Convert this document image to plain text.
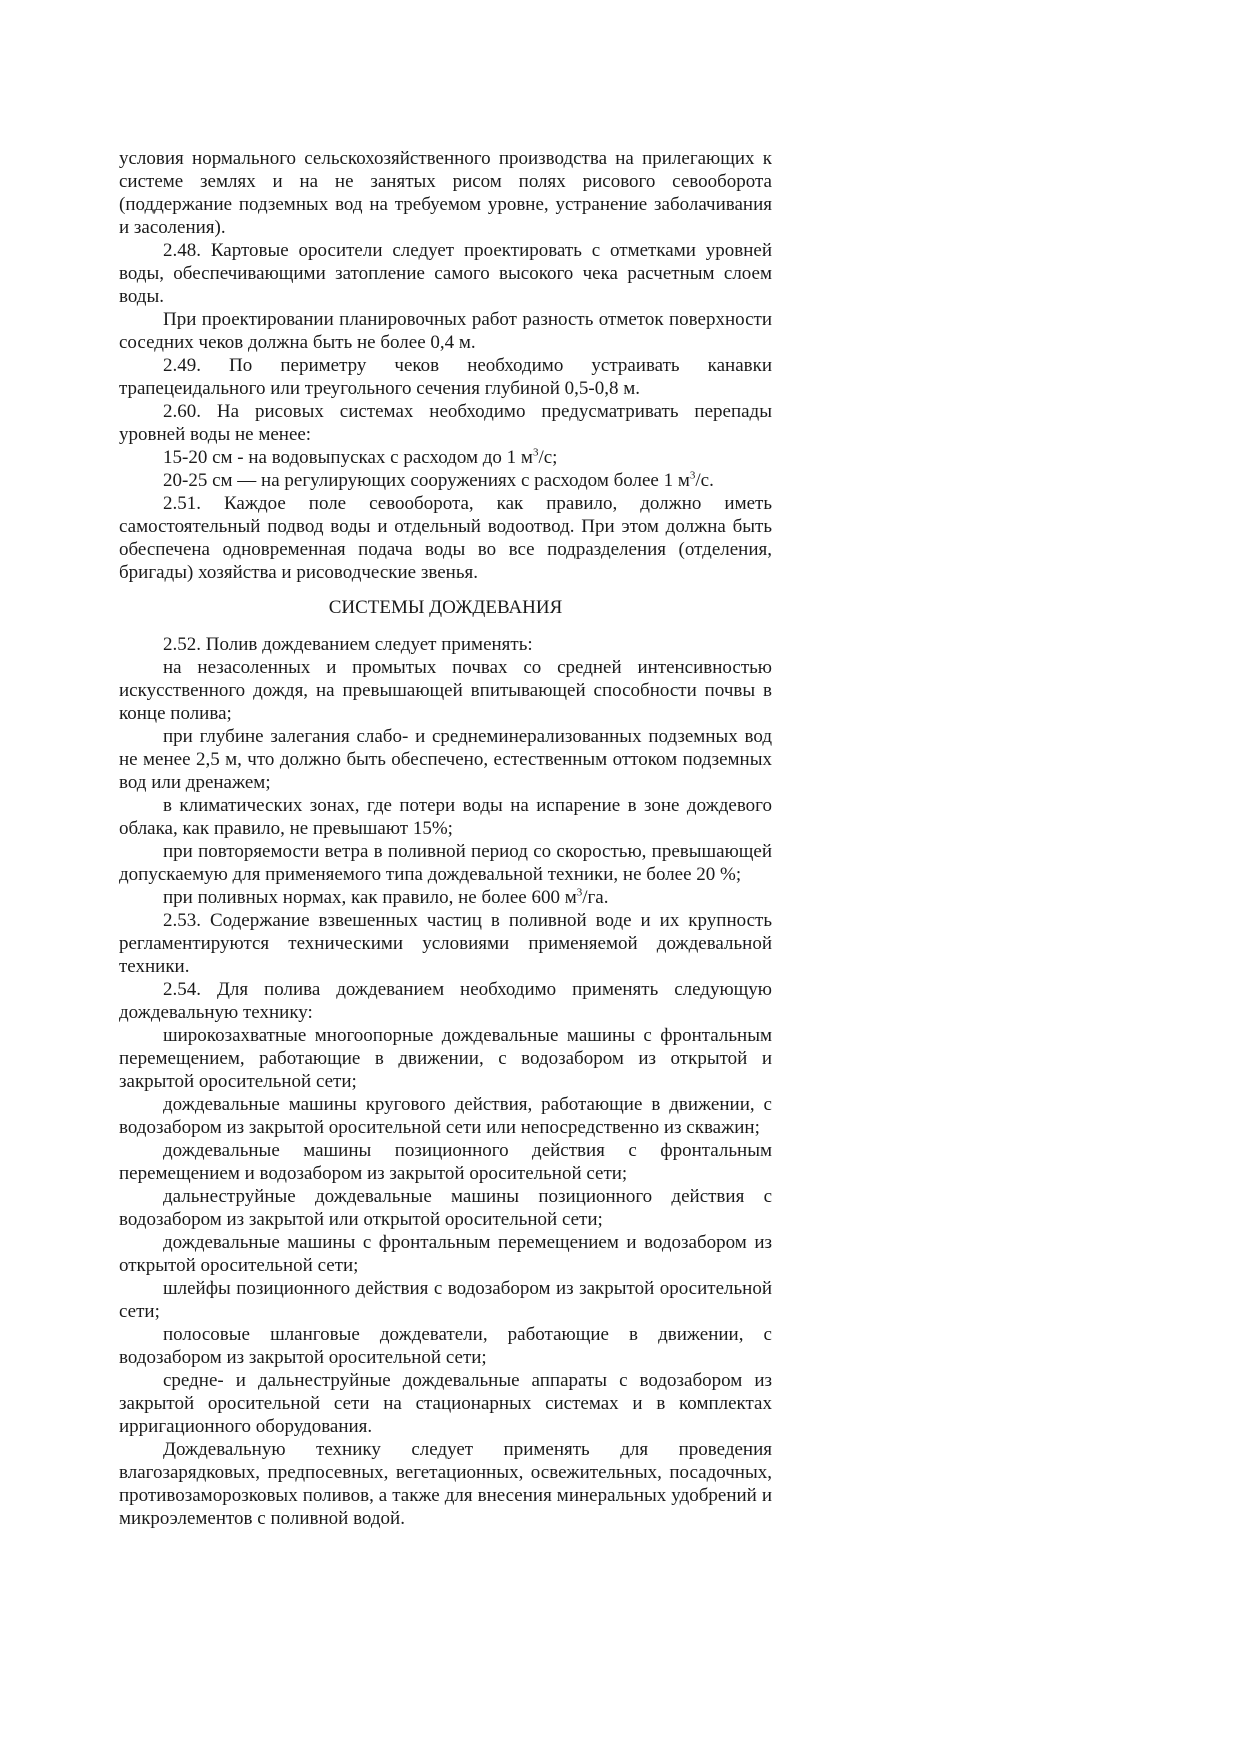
условия нормального сельскохозяйственного производства на прилегающих к системе землях и на не занятых рисом полях рисового севооборота (поддержание подземных вод на требуемом уровне, устранение заболачивания и засоления).

2.48. Картовые оросители следует проектировать с отметками уровней воды, обеспечивающими затопление самого высокого чека расчетным слоем воды.

При проектировании планировочных работ разность отметок поверхности соседних чеков должна быть не более 0,4 м.

2.49. По периметру чеков необходимо устраивать канавки трапецеидального или треугольного сечения глубиной 0,5-0,8 м.

2.60. На рисовых системах необходимо предусматривать перепады уровней воды не менее:

15-20 см - на водовыпусках с расходом до 1 $м^3/с$;

20-25 см — на регулирующих сооружениях с расходом более 1 $м^3/с$.

2.51. Каждое поле севооборота, как правило, должно иметь самостоятельный подвод воды и отдельный водоотвод. При этом должна быть обеспечена одновременная подача воды во все подразделения (отделения, бригады) хозяйства и рисоводческие звенья.

СИСТЕМЫ ДОЖДЕВАНИЯ

2.52. Полив дождеванием следует применять:

на незасоленных и промытых почвах со средней интенсивностью искусственного дождя, на превышающей впитывающей способности почвы в конце полива;

при глубине залегания слабо- и среднеминерализованных подземных вод не менее 2,5 м, что должно быть обеспечено, естественным оттоком подземных вод или дренажем;

в климатических зонах, где потери воды на испарение в зоне дождевого облака, как правило, не превышают 15%;

при повторяемости ветра в поливной период со скоростью, превышающей допускаемую для применяемого типа дождевальной техники, не более 20 %;

при поливных нормах, как правило, не более 600 $м^3/га$.

2.53. Содержание взвешенных частиц в поливной воде и их крупность регламентируются техническими условиями применяемой дождевальной техники.

2.54. Для полива дождеванием необходимо применять следующую дождевальную технику:

широкозахватные многоопорные дождевальные машины с фронтальным перемещением, работающие в движении, с водозабором из открытой и закрытой оросительной сети;

дождевальные машины кругового действия, работающие в движении, с водозабором из закрытой оросительной сети или непосредственно из скважин;

дождевальные машины позиционного действия с фронтальным перемещением и водозабором из закрытой оросительной сети;

дальнеструйные дождевальные машины позиционного действия с водозабором из закрытой или открытой оросительной сети;

дождевальные машины с фронтальным перемещением и водозабором из открытой оросительной сети;

шлейфы позиционного действия с водозабором из закрытой оросительной сети;

полосовые шланговые дождеватели, работающие в движении, с водозабором из закрытой оросительной сети;

средне- и дальнеструйные дождевальные аппараты с водозабором из закрытой оросительной сети на стационарных системах и в комплектах ирригационного оборудования.

Дождевальную технику следует применять для проведения влагозарядковых, предпосевных, вегетационных, освежительных, посадочных, противозаморозковых поливов, а также для внесения минеральных удобрений и микроэлементов с поливной водой.
